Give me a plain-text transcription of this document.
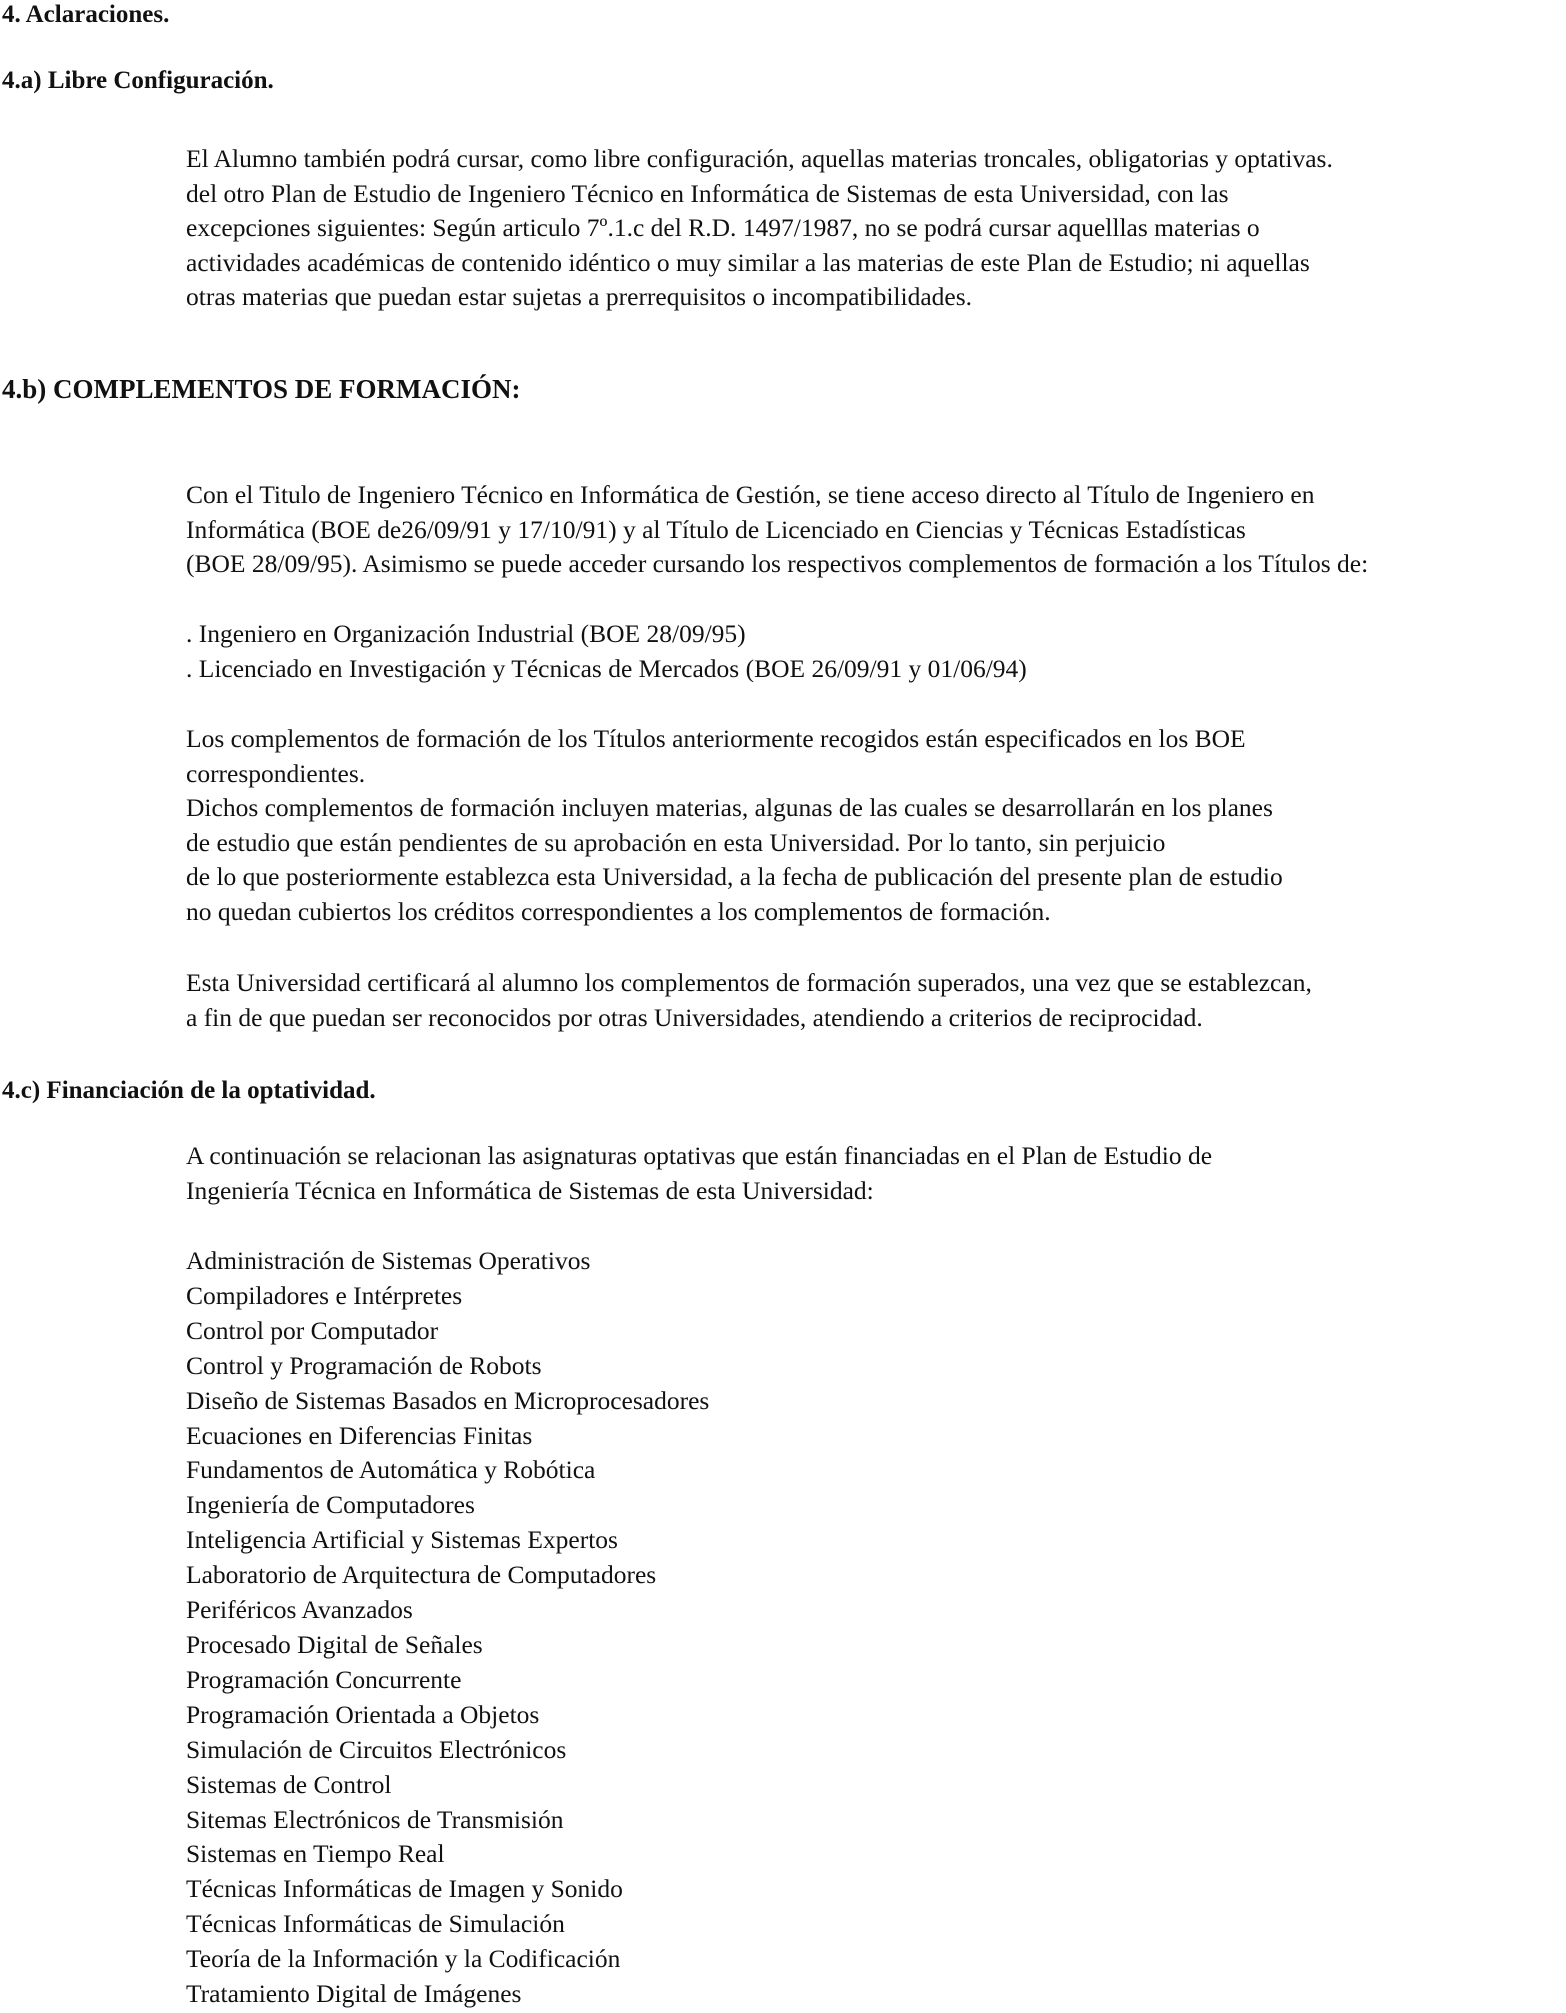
4. Aclaraciones.
4.a) Libre Configuración.
El Alumno también podrá cursar, como libre configuración, aquellas materias troncales, obligatorias y optativas.
del otro Plan de Estudio de Ingeniero Técnico en Informática de Sistemas de esta Universidad, con las
excepciones siguientes: Según articulo 7º.1.c del R.D. 1497/1987, no se podrá cursar aquelllas materias o
actividades académicas de contenido idéntico o muy similar a las materias de este Plan de Estudio; ni aquellas
otras materias que puedan estar sujetas a prerrequisitos o incompatibilidades.
4.b) COMPLEMENTOS DE FORMACIÓN:
Con el Titulo de Ingeniero Técnico en Informática de Gestión, se tiene acceso directo al Título de Ingeniero en
Informática (BOE de26/09/91 y 17/10/91) y al Título de Licenciado en Ciencias y Técnicas Estadísticas
(BOE 28/09/95). Asimismo se puede acceder cursando los respectivos complementos de formación a los Títulos de:
. Ingeniero en Organización Industrial (BOE 28/09/95)
. Licenciado en Investigación y Técnicas de Mercados (BOE 26/09/91 y 01/06/94)
Los complementos de formación de los Títulos anteriormente recogidos están especificados en los BOE
correspondientes.
Dichos complementos de formación incluyen materias, algunas de las cuales se desarrollarán en los planes
de estudio que están pendientes de su aprobación en esta Universidad. Por lo tanto, sin perjuicio
de lo que posteriormente establezca esta Universidad, a la fecha de publicación del presente plan de estudio
no quedan cubiertos los créditos correspondientes a los complementos de formación.
Esta Universidad certificará al alumno los complementos de formación superados, una vez que se establezcan,
a fin de que puedan ser reconocidos por otras Universidades, atendiendo a criterios de reciprocidad.
4.c) Financiación de la optatividad.
A continuación se relacionan las asignaturas optativas que están financiadas en el Plan de Estudio de
Ingeniería Técnica en Informática de Sistemas de esta Universidad:
Administración de Sistemas Operativos
Compiladores e Intérpretes
Control por Computador
Control y Programación de Robots
Diseño de Sistemas Basados en Microprocesadores
Ecuaciones en Diferencias Finitas
Fundamentos de Automática y Robótica
Ingeniería de Computadores
Inteligencia Artificial y Sistemas Expertos
Laboratorio de Arquitectura de Computadores
Periféricos Avanzados
Procesado Digital de Señales
Programación Concurrente
Programación Orientada a Objetos
Simulación de Circuitos Electrónicos
Sistemas de Control
Sitemas Electrónicos de Transmisión
Sistemas en Tiempo Real
Técnicas Informáticas de Imagen y Sonido
Técnicas Informáticas de Simulación
Teoría de la Información y la Codificación
Tratamiento Digital de Imágenes
